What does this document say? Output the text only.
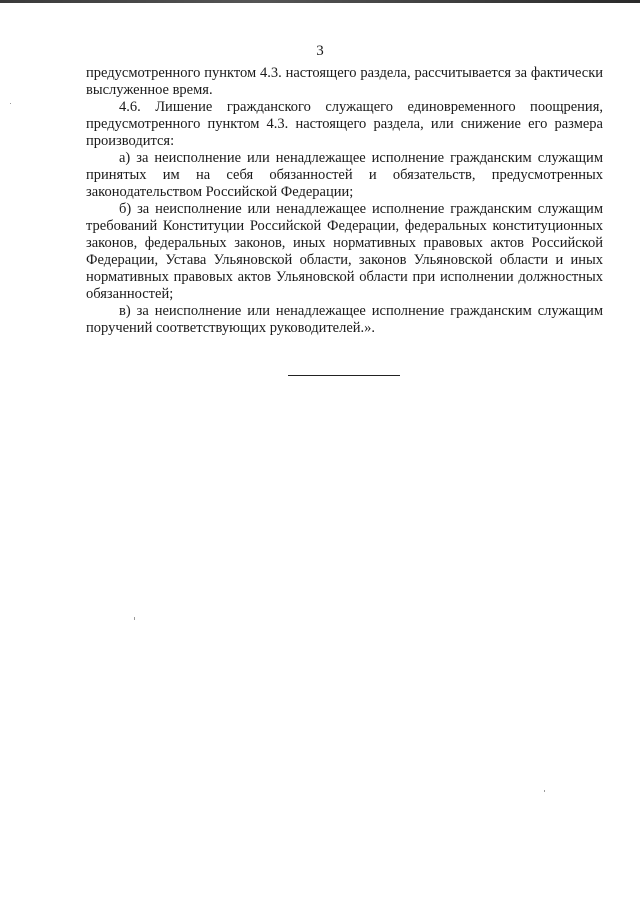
3

предусмотренного пунктом 4.3. настоящего раздела, рассчитывается за фактически выслуженное время.

4.6. Лишение гражданского служащего единовременного поощрения, предусмотренного пунктом 4.3. настоящего раздела, или снижение его размера производится:

а) за неисполнение или ненадлежащее исполнение гражданским служащим принятых им на себя обязанностей и обязательств, предусмотренных законодательством Российской Федерации;

б) за неисполнение или ненадлежащее исполнение гражданским служащим требований Конституции Российской Федерации, федеральных конституционных законов, федеральных законов, иных нормативных правовых актов Российской Федерации, Устава Ульяновской области, законов Ульяновской области и иных нормативных правовых актов Ульяновской области при исполнении должностных обязанностей;

в) за неисполнение или ненадлежащее исполнение гражданским служащим поручений соответствующих руководителей.».
